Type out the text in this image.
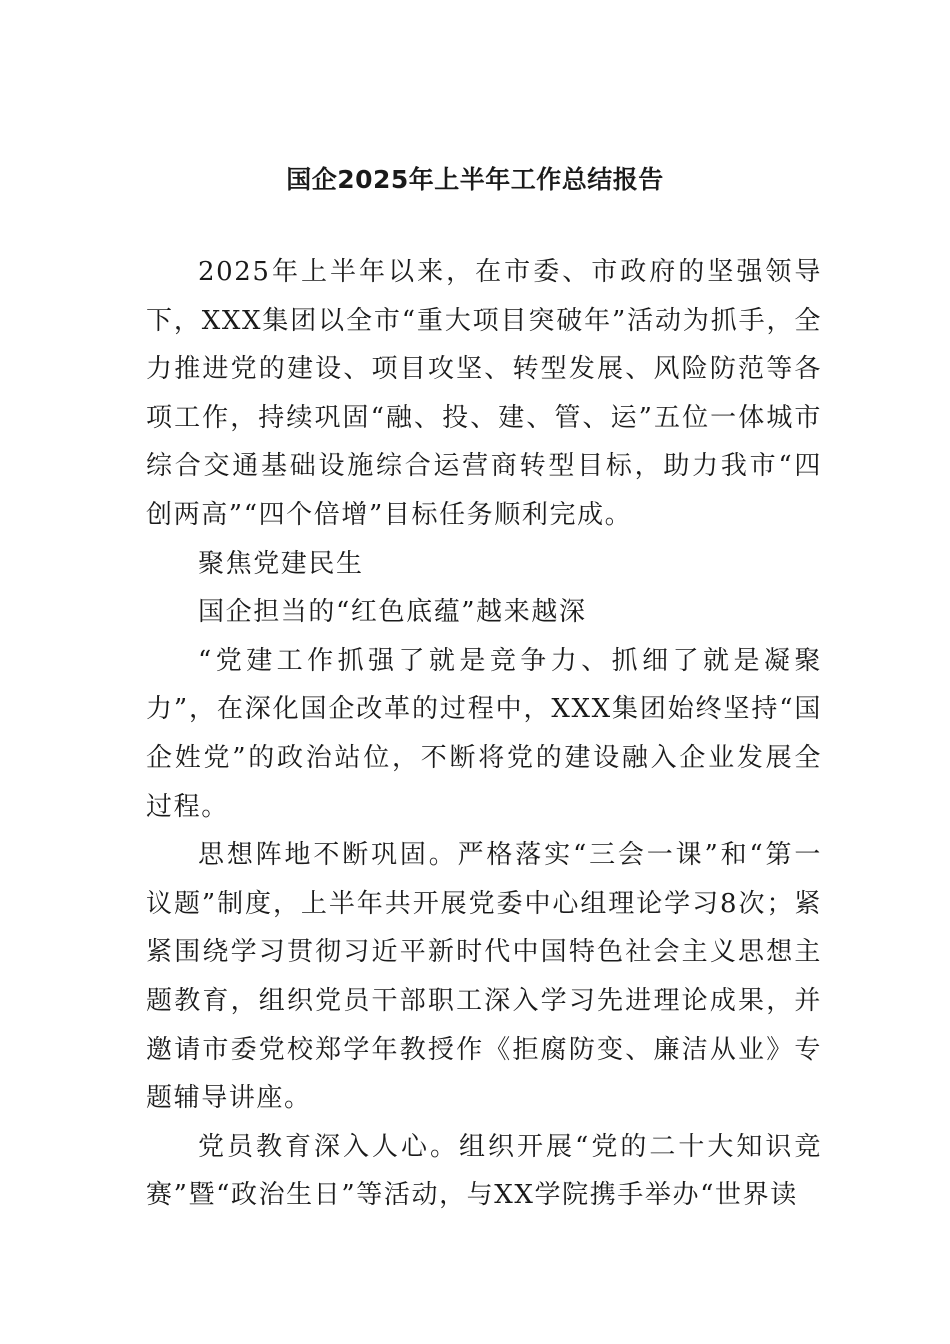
国企2025年上半年工作总结报告

2025年上半年以来，在市委、市政府的坚强领导下，XXX集团以全市“重大项目突破年”活动为抓手，全力推进党的建设、项目攻坚、转型发展、风险防范等各项工作，持续巩固“融、投、建、管、运”五位一体城市综合交通基础设施综合运营商转型目标，助力我市“四创两高”“四个倍增”目标任务顺利完成。

聚焦党建民生

国企担当的“红色底蕴”越来越深

“党建工作抓强了就是竞争力、抓细了就是凝聚力”，在深化国企改革的过程中，XXX集团始终坚持“国企姓党”的政治站位，不断将党的建设融入企业发展全过程。

思想阵地不断巩固。严格落实“三会一课”和“第一议题”制度，上半年共开展党委中心组理论学习8次；紧紧围绕学习贯彻习近平新时代中国特色社会主义思想主题教育，组织党员干部职工深入学习先进理论成果，并邀请市委党校郑学年教授作《拒腐防变、廉洁从业》专题辅导讲座。

党员教育深入人心。组织开展“党的二十大知识竞赛”暨“政治生日”等活动，与XX学院携手举办“世界读
